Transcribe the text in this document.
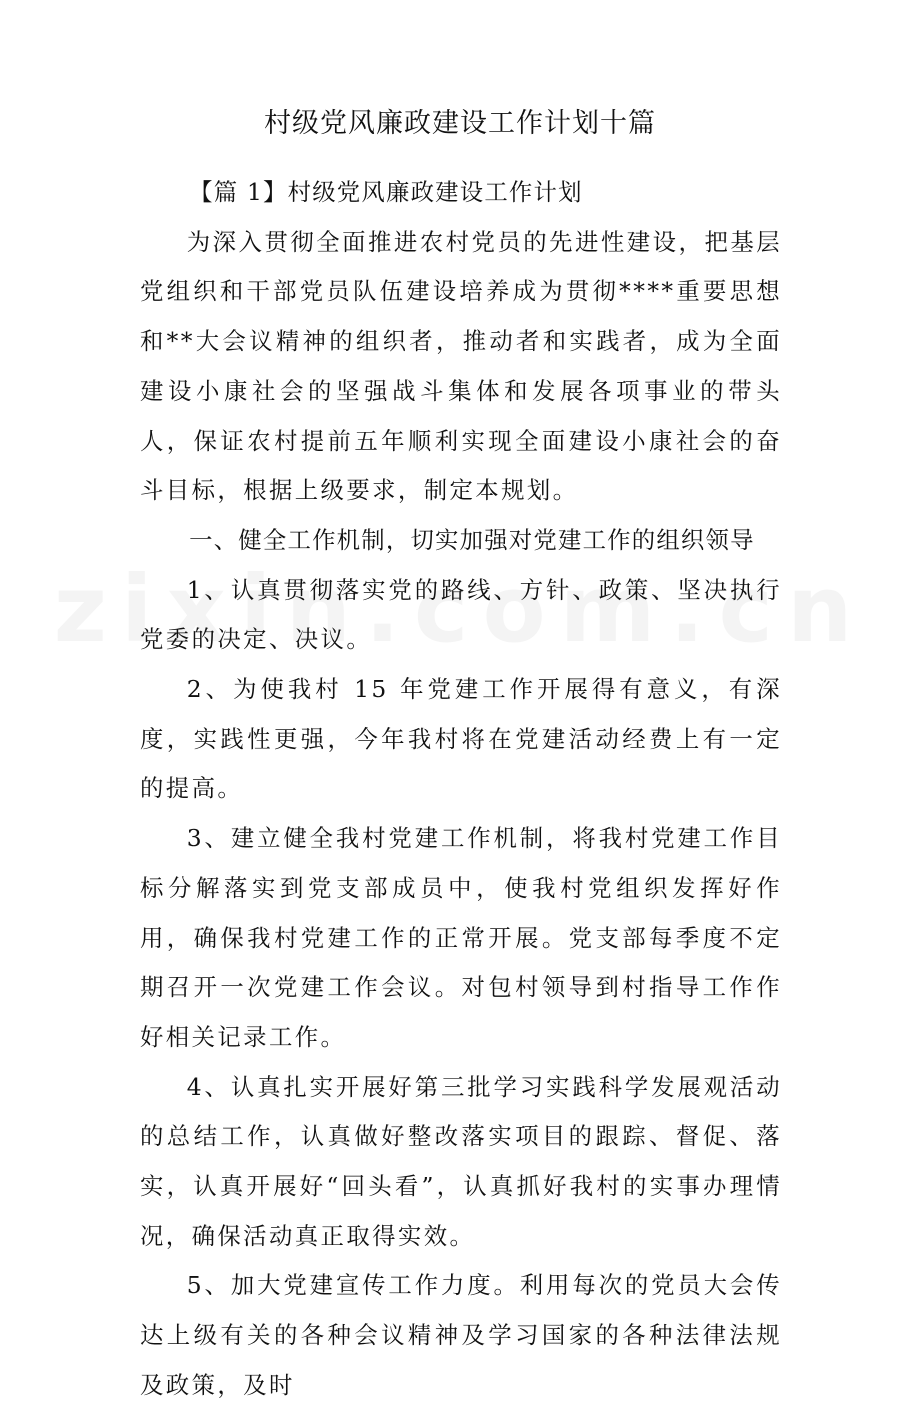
村级党风廉政建设工作计划十篇

【篇 1】村级党风廉政建设工作计划

为深入贯彻全面推进农村党员的先进性建设，把基层党组织和干部党员队伍建设培养成为贯彻****重要思想和**大会议精神的组织者，推动者和实践者，成为全面建设小康社会的坚强战斗集体和发展各项事业的带头人，保证农村提前五年顺利实现全面建设小康社会的奋斗目标，根据上级要求，制定本规划。

一、健全工作机制，切实加强对党建工作的组织领导

1、认真贯彻落实党的路线、方针、政策、坚决执行党委的决定、决议。

2、为使我村 15 年党建工作开展得有意义，有深度，实践性更强，今年我村将在党建活动经费上有一定的提高。

3、建立健全我村党建工作机制，将我村党建工作目标分解落实到党支部成员中，使我村党组织发挥好作用，确保我村党建工作的正常开展。党支部每季度不定期召开一次党建工作会议。对包村领导到村指导工作作好相关记录工作。

4、认真扎实开展好第三批学习实践科学发展观活动的总结工作，认真做好整改落实项目的跟踪、督促、落实，认真开展好“回头看”，认真抓好我村的实事办理情况，确保活动真正取得实效。

5、加大党建宣传工作力度。利用每次的党员大会传达上级有关的各种会议精神及学习国家的各种法律法规及政策，及时
